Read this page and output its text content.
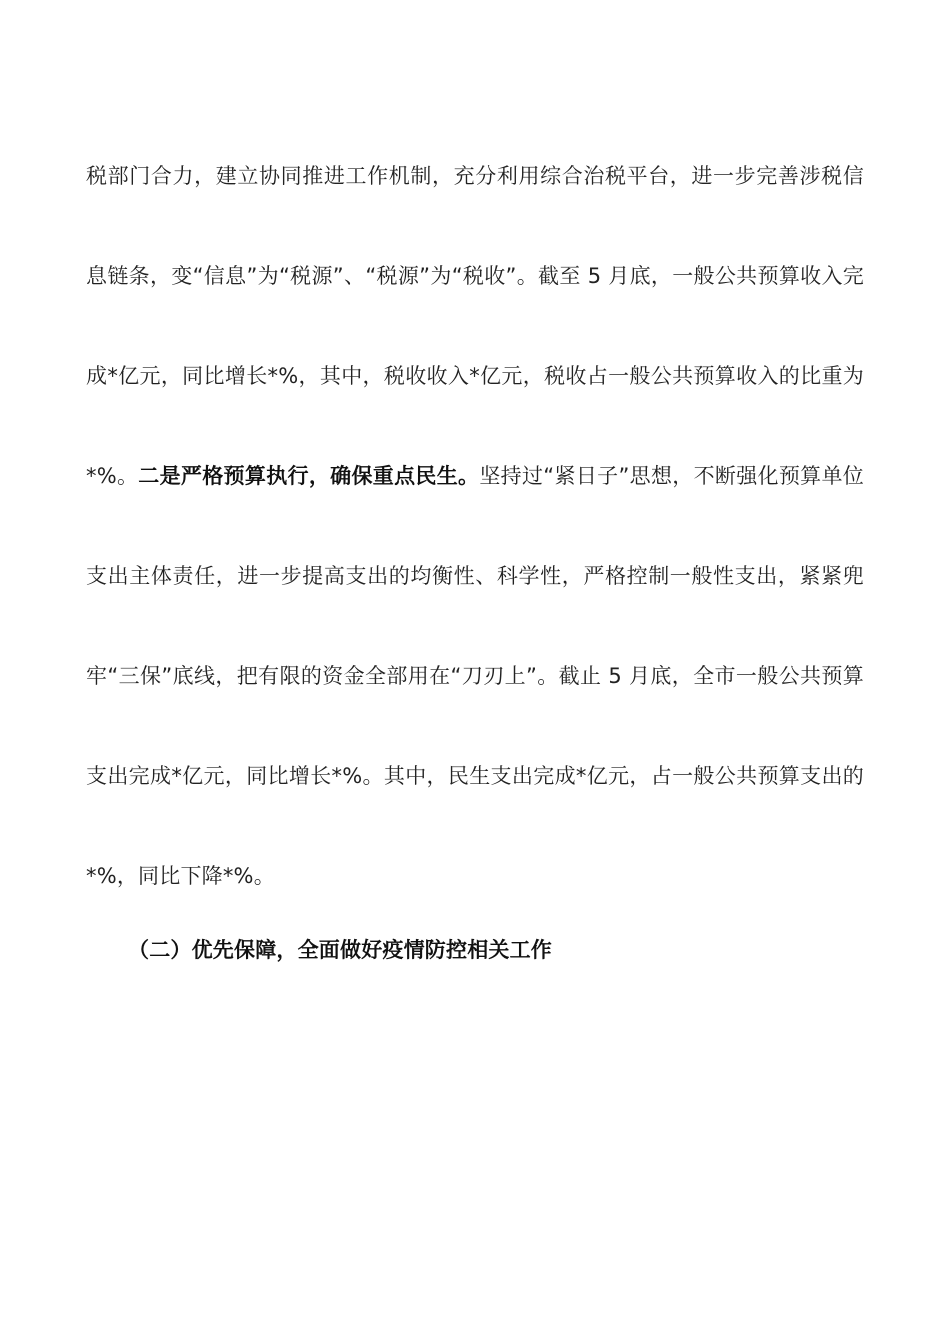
税部门合力，建立协同推进工作机制，充分利用综合治税平台，进一步完善涉税信息链条，变“信息”为“税源”、“税源”为“税收”。截至 5 月底，一般公共预算收入完成*亿元，同比增长*%，其中，税收收入*亿元，税收占一般公共预算收入的比重为*%。二是严格预算执行，确保重点民生。坚持过“紧日子”思想，不断强化预算单位支出主体责任，进一步提高支出的均衡性、科学性，严格控制一般性支出，紧紧兜牢“三保”底线，把有限的资金全部用在“刀刃上”。截止 5 月底，全市一般公共预算支出完成*亿元，同比增长*%。其中，民生支出完成*亿元，占一般公共预算支出的*%，同比下降*%。

（二）优先保障，全面做好疫情防控相关工作
